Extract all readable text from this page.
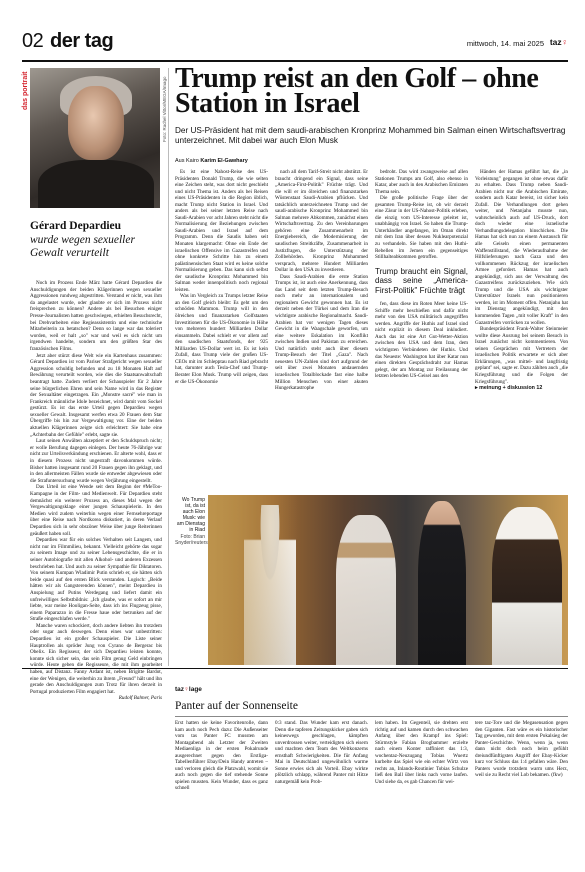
02 der tag	mittwoch, 14. mai 2025 taz♀
das portrait	Foto: Rachel Vittor/MEGA/Imago
Gérard Depardieu
wurde wegen sexueller Gewalt verurteilt

Noch im Prozess Ende März hatte Gérard Depardieu die Anschuldigungen der beiden Klägerinnen wegen sexueller Aggressionen rundweg abgestritten. Verstand er nicht, was ihm da angelastet wurde, oder glaubte er sich im Prozess nicht freisprechen zu können? Andere als bei Besuchen einiger Presse-Journalisten hatten geschwiegen, erhielten Besuchsrecht, bei Drehvarbeiten eine Regieassistentin und eine technische Mitarbeiterin zu betatschen? Denn so lange war das toleriert worden, weil er halt „so" war und weil es sich nicht um irgendwen handelte, sondern um den größten Star des französischen Films.

Jetzt aber stürzt diese Welt wie ein Kartenhaus zusammen: Gérard Depardieu ist vom Pariser Strafgericht wegen sexueller Aggression schuldig befunden und zu 18 Monaten Haft auf Bewährung verurteilt worden, wie dies die Staatsanwaltschaft beantragt hatte. Zudem verliert der Schauspieler für 2 Jahre seine bürgerlichen Ehren und sein Name wird in das Register der Sexualtäter eingetragen. Ein „Monstre sacré" wie man in Frankreich männliche Idole bezeichnet, wird damit vom Sockel gestürzt. Es ist das erste Urteil gegen Depardieu wegen sexueller Gewalt. Insgesamt werfen etwa 20 Frauen dem Star Übergriffe bis hin zur Vergewaltigung vor. Eine der beiden aktuellen Klägerinnen zeigte sich erleichtert: Sie habe eine „Achterbahn der Gefühle" erlebt, sagte sie.

Laut seinen Anwälten akzeptiert er den Schuldspruch nicht; er wolle Berufung dagegen einlegen. Der heute 76-Jährige war nicht zur Urteilsverkündung erschienen. Er alterte wohl, dass er in diesem Prozess nicht ungestraft davonkommen würde. Bisher hatten insgesamt rund 20 Frauen gegen ihn geklagt, und in den allermeisten Fällen wurde sie entweder abgewiesen oder die Strafuntersuchung wurde wegen Verjährung eingestellt.

Das Urteil ist eine Wende seit dem Beginn der #MeToo-Kampagne in der Film- und Medienwelt. Für Depardieu steht demnächst ein weiterer Prozess an, dieses Mal wegen der Vergewaltigungsklage einer jungen Schauspielerin. In den Medien wird zudem weiterhin wegen einer Fernsehreportage über eine Reise nach Nordkorea diskutiert, in deren Verlauf Depardieu sich in sehr obszöner Weise über junge Reiterinnen geäußert haben soll.

Depardieu war für ein solches Verhalten seit Langem, und nicht nur im Filmmilieu, bekannt. Vielleicht gehörte das sogar zu seinem Image und zu seiner Lebensgeschichte, die er in seiner Autobiografie mit allen Alkohol- und anderen Exzessen beschrieben hat. Und auch zu seiner Sympathie für Diktatoren. Von seinem Kumpan Wladimir Putin schrieb er, sie hätten sich beide quasi auf den ersten Blick verstanden. Logisch: „Beide hätten wir als Gangsterenden können", meint Depardieu in Anspielung auf Putins Werdegang und liefert damit ein unfreiwilliges Selbstbildnis: „Ich glaube, was er sofort an mir liebte, war meine Hooligan-Seite, dass ich ins Flugzeug pisse, einem Paparazzo in die Fresse haue oder betrunken auf der Straße eingeschlafen werde."

Manche waren schockiert, doch andere liebten ihn trotzdem oder sogar auch deswegen. Denn eines war unbestritten: Depardieu ist ein großer Schauspieler. Die Liste seiner Hauptrollen als spröder Jung von Cyrano de Bergerac bis Obelix. Ein Regisseur, der sich Depardieu leisten konnte, konnte sich sicher sein, das sein Film genug Geld einbringen würde. Heute geben die Regisseure, die mit ihm gearbeitet haben, auf Distanz. Fanny Ardant ist, neben Brigitte Bardot, eine der Wenigen, die weiterhin zu ihrem „Freund" hält und ihn gerade den Anschuldigungen zum Trotz für ihren derzeit in Portugal produzierten Film engagiert hat.

Rudolf Balmer, Paris
Trump reist an den Golf – ohne Station in Israel
Der US-Präsident hat mit dem saudi-arabischen Kronprinz Mohammed bin Salman einen Wirtschaftsvertrag unterzeichnet. Mit dabei war auch Elon Musk
Aus Kairo Karim El-Gawhary

Es ist eine Nahost-Reise des US-Präsidenten Donald Trump, die wie selten eine Zeichen steht, was dort nicht geschieht und nicht Thema ist. Anders als bei Reisen eines US-Präsidenten in die Region üblich, macht Trump nicht Station in Israel. Und anders als bei seiner letzten Reise nach Saudi-Arabien vor acht Jahren steht nicht die Normalisierung der Beziehungen zwischen Saudi-Arabien und Israel auf dem Programm. Denn die Saudis haben seit Monaten klargemacht: Ohne ein Ende der israelischen Offensive im Gazastreifen und ohne konkrete Schritte hin zu einem palästinensischen Staat wird es keine solche Normalisierung geben. Das kann sich selbst der saudische Kronprinz Mohammed bin Salman weder innenpolitisch noch regional leisten.

Was im Vergleich zu Trumps letzter Reise an den Golf gleich bleibt: Es geht um den schnöden Mammon. Trump will in den ölreichen und finanzstarken Golfstaaten Investitionen für die US-Ökonomie in Höhe von mehreren hundert Milliarden Dollar einsammeln. Dabei schielt er vor allem auf den saudischen Staatsfonds, der 925 Milliarden US-Dollar wert ist. Es ist kein Zufall, dass Trump viele der großen US-CEOs mit im Schlepptau nach Riad gebracht hat, darunter auch Tesla-Chef und Trump-Berater Elon Musk. Trump will zeigen, dass er die US-Ökonomie

nach all dem Tarif-Streit nicht abstützt. Er braucht dringend ein Signal, dass seine „America-First-Politik" Früchte trägt. Und die will er im ölreichen und finanzstarken Wüstenstaat Saudi-Arabien pflücken. Und tatsächlich unterzeichneten Trump und der saudi-arabische Kronprinz Mohammed bin Salman mehrere Abkommen, zunächst einen Wirtschaftsvertrag. Zu den Vereinbarungen gehören eine Zusammenarbeit im Energiebereich, die Modernisierung der saudischen Streitkräfte, Zusammenarbeit in Justizfragen, die Unterstützung der Zollbehörden. Kronprinz Mohammed versprach, mehrere Hundert Milliarden Dollar in den USA zu investieren.

Dass Saudi-Arabien die erste Station Trumps ist, ist auch eine Anerkennung, dass das Land seit dem letzten Trump-Besuch noch mehr an internationalem und regionalem Gewicht gewonnen hat. Es ist derzeit neben der Türkei und dem Iran die wichtigste arabische Regionalmacht. Saudi-Arabien hat vor wenigen Tagen dieses Gewicht in die Waagschale geworfen, um eine weitere Eskalation im Konflikt zwischen Indien und Pakistan zu erreichen. Und natürlich steht auch über diesem Trump-Besuch der Titel „Gaza". Nach neuesten UN-Zahlen sind dort aufgrund der seit über zwei Monaten andauernden israelischen Totalblockade fast eine halbe Million Menschen von einer akuten Hungerkatastrophe

bedroht. Das wird zwangsweise auf allen Stationen Trumps am Golf, also ebenso in Katar, aber auch in den Arabischen Emiraten Thema sein.

Die große politische Frage über der gesamten Trump-Reise ist, ob wir derzeit eine Zäsur in der US-Nahost-Politik erleben, die einzig vom US-Interesse geleitet ist, unabhängig von Israel. So haben die Trump-Unterhändler angefangen, im Oman direkt mit dem Iran über dessen Nuklearpotenzial zu verhandeln. Sie haben mit den Huthi-Rebellen im Jemen ein gegenseitiges Stillhalteabkommen getroffen.

Trump braucht ein Signal, dass seine „America-First-Politik" Früchte trägt

fen, dass diese im Roten Meer keine US-Schiffe mehr beschießen und dafür nicht mehr von den USA militärisch angegriffen werden. Angriffe der Huthis auf Israel sind nicht explizit in diesem Deal inkludiert. Auch das ist eine Art Gut-Wetter-Aktion zwischen den USA und dem Iran, dem wichtigsten Verbündeten der Huthis. Und das Neueste: Washington hat über Katar nun einen direkten Gesprächsdraht zur Hamas gelegt, der am Montag zur Freilassung der letzten lebenden US-Geisel aus den

Händen der Hamas geführt hat, die „in Vorleistung" gegangen ist ohne etwas dafür zu erhalten. Dass Trump neben Saudi-Arabien nicht nur die Arabischen Emirate, sondern auch Katar bereist, ist sicher kein Zufall. Die Verhandlungen dort gehen weiter, und Netanjahu musste nun, wahrscheinlich auch auf US-Druck, dort doch wieder eine israelische Verhandlungsdelegation hinschicken. Die Hamas hat sich nun zu einem Austausch für alle Geiseln einen permanenten Waffenstillstand, die Wiederaufnahme der Hilfslieferungen nach Gaza und den vollkommenen Rückzug der israelischen Armee gefordert. Hamas hat auch angekündigt, sich aus der Verwaltung des Gazastreifens zurückzuziehen. Wie sich Trump und die USA als wichtigster Unterstützer Israels nun positionieren werden, ist im Moment offen. Netanjahu hat im Dienstag angekündigt, mit den kommenden Tagen „mit voller Kraft" in den Gazastreifen vorrücken zu wollen.

Bundespräsident Frank-Walter Steinmeier wollte diese Ausrung bei seinem Besuch in Israel zunächst nicht kommentieren. Von seinen Gesprächen mit Vertretern der israelischen Politik erwartete er sich aber Erklärungen, „was mittel- und langfristig geplant" sei, sagte er. Dazu zählten auch „die Kriegsführung und die Folgen der Kriegsführung".

▸ meinung + diskussion 12
Wo Trump ist, da ist auch Elon Musk: wie am Dienstag in Riad
Foto: Brian Snyder/reuters
taz♀lage
Panter auf der Sonnenseite
Erst hatten sie keine Favoritenrolle, dann kam auch noch Pech dazu: Die Außenseiter vom tas Panter FC mussten am Montagabend als Letzter der Zweiten Mediaenliga in der ersten Pokalrunde ausgerechnet gegen den Erstliga-Tabellenführer Ebay/Dein Handy antreten – und verloren gleich die Platzwahl, womit sie auch noch gegen die tief stehende Sonne spielen mussten. Kein Wunder, dass es ganz schnell
0:3 stand. Das Wunder kam erst danach. Denn die tapferen Zeitungskicker gaben sich keineswegs geschlagen, kämpften unverdrossen weiter, verteidigten sich eisern und machten dem Team des Weltkonzerns ernsthaft Schwierigkeiten. Die für Anfang Mai in Deutschland ungewöhnlich warme Sonne erwies sich als Vorteil. Ebay wirkte plötzlich schlapp, während Panter mit Hitze naturgemäß kein Prob-
lem haben. Im Gegenteil, sie drehten erst richtig auf und kamen durch den schwachen Anfang über den Krampf ins Spiel: Stürmstyle Fabian Brogbammer erzielte nach einem Konter raffiniert das 1:3, wochentaz-Neuzugang Tobias Wuertz kurbelte das Spiel wie ein echter Wirtz von rechts an, Inlands-Routinier Tobias Schulze ließ den Ball über links nach vorne laufen. Und siehe da, es gab Chancen für wei-
tere taz-Tore und die Megasensation gegen den Giganten. Fast wäre es ein historischer Tag geworden, mit dem ersten Pokalsieg der Panter-Geschichte. Wenn, wenn ja, wenn dann nicht doch noch beim gefühlt dreiundfünftigsten Angriff der Ebay-Kicker kurz vor Schluss das 1:4 gefallen wäre. Den Panters wurde trotzdem warm ums Herz, weil sie zu Recht viel Lob bekamen. (fkw)
